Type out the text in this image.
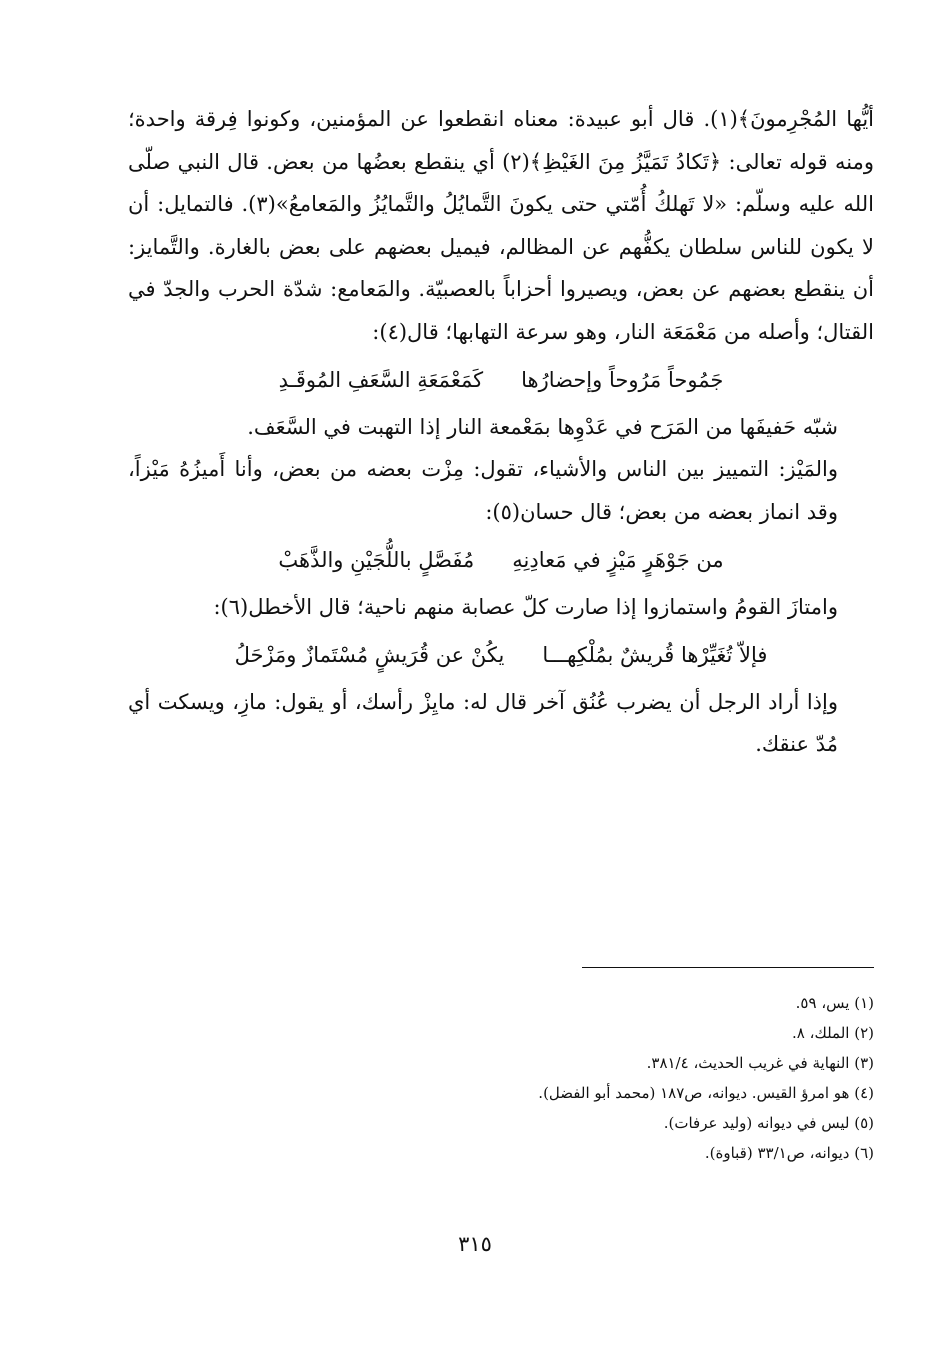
أيُّها المُجْرِمونَ﴾(١). قال أبو عبيدة: معناه انقطعوا عن المؤمنين، وكونوا فِرقة واحدة؛ ومنه قوله تعالى: ﴿تَكادُ تَمَيَّزُ مِنَ الغَيْظِ﴾(٢) أي ينقطع بعضُها من بعض. قال النبي صلّى الله عليه وسلّم: «لا تَهلكُ أُمّتي حتى يكونَ التَّمايُلُ والتَّمايُزُ والمَعامعُ»(٣). فالتمايل: أن لا يكون للناس سلطان يكفُّهم عن المظالم، فيميل بعضهم على بعض بالغارة. والتَّمايز: أن ينقطع بعضهم عن بعض، ويصيروا أحزاباً بالعصبيّة. والمَعامع: شدّة الحرب والجدّ في القتال؛ وأصله من مَعْمَعَة النار، وهو سرعة التهابها؛ قال(٤):

جَمُوحاً مَرُوحاً وإحضارُها
كَمَعْمَعَةِ السَّعَفِ المُوقَـدِ

شبّه حَفيفَها من المَرَح في عَدْوِها بمَعْمعة النار إذا التهبت في السَّعَف.

والمَيْز: التمييز بين الناس والأشياء، تقول: مِزْت بعضه من بعض، وأنا أَميزُهُ مَيْزاً، وقد انماز بعضه من بعض؛ قال حسان(٥):

من جَوْهَرٍ مَيْزٍ في مَعادِنِهِ
مُفَصَّلٍ باللُّجَيْنِ والذَّهَبْ

وامتازَ القومُ واستمازوا إذا صارت كلّ عصابة منهم ناحية؛ قال الأخطل(٦):

فإلاّ تُغَيِّرْها قُريشٌ بمُلْكِهـــا
يكُنْ عن قُرَيشٍ مُسْتَمازٌ ومَزْحَلُ

وإذا أراد الرجل أن يضرب عُنُق آخر قال له: مايِزْ رأسك، أو يقول: مازِ، ويسكت أي مُدّ عنقك.

(١) يس، ٥٩.
(٢) الملك، ٨.
(٣) النهاية في غريب الحديث، ٣٨١/٤.
(٤) هو امرؤ القيس. ديوانه، ص١٨٧ (محمد أبو الفضل).
(٥) ليس في ديوانه (وليد عرفات).
(٦) ديوانه، ص٣٣/١ (قباوة).
٣١٥
